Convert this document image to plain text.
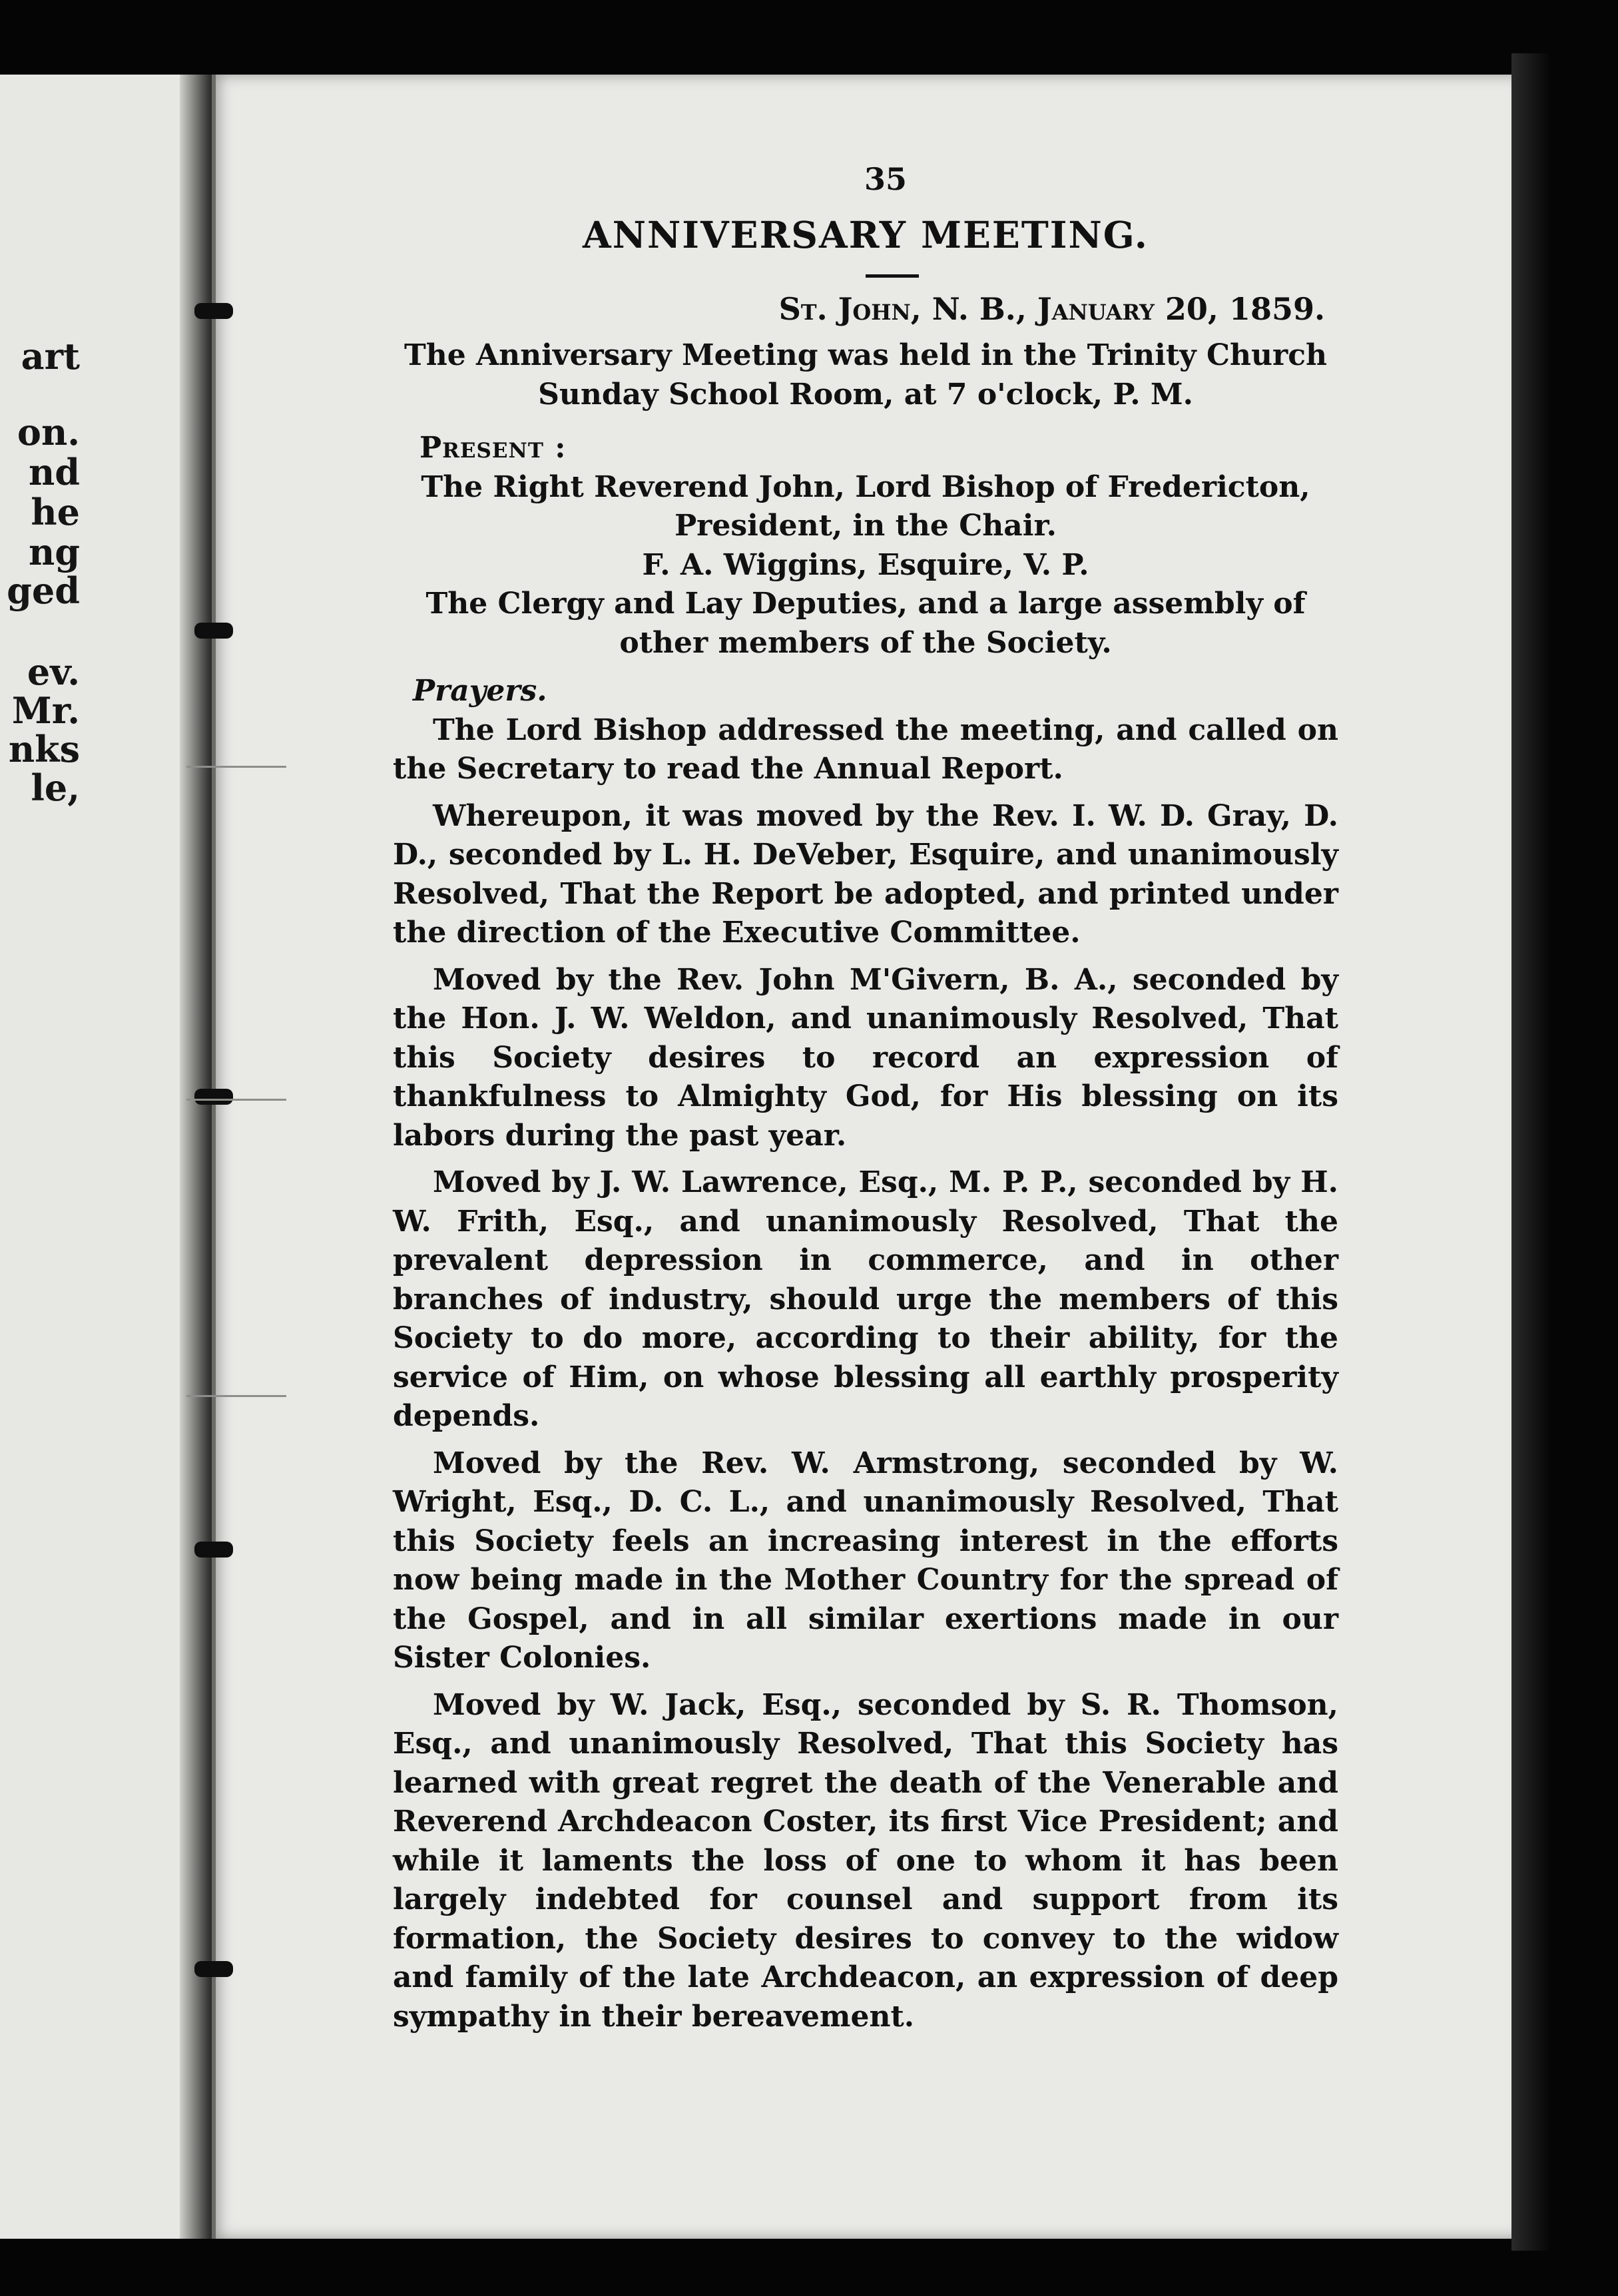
art
on.
nd
he
ng
ged
ev.
Mr.
nks
le,
35
ANNIVERSARY MEETING.
St. John, N. B., January 20, 1859.
The Anniversary Meeting was held in the Trinity Church Sunday School Room, at 7 o'clock, P. M.
Present :
The Right Reverend John, Lord Bishop of Fredericton, President, in the Chair.
F. A. Wiggins, Esquire, V. P.
The Clergy and Lay Deputies, and a large assembly of other members of the Society.
Prayers.

The Lord Bishop addressed the meeting, and called on the Secretary to read the Annual Report.

Whereupon, it was moved by the Rev. I. W. D. Gray, D. D., seconded by L. H. DeVeber, Esquire, and unanimously Resolved, That the Report be adopted, and printed under the direction of the Executive Committee.

Moved by the Rev. John M'Givern, B. A., seconded by the Hon. J. W. Weldon, and unanimously Resolved, That this Society desires to record an expression of thankfulness to Almighty God, for His blessing on its labors during the past year.

Moved by J. W. Lawrence, Esq., M. P. P., seconded by H. W. Frith, Esq., and unanimously Resolved, That the prevalent depression in commerce, and in other branches of industry, should urge the members of this Society to do more, according to their ability, for the service of Him, on whose blessing all earthly prosperity depends.

Moved by the Rev. W. Armstrong, seconded by W. Wright, Esq., D. C. L., and unanimously Resolved, That this Society feels an increasing interest in the efforts now being made in the Mother Country for the spread of the Gospel, and in all similar exertions made in our Sister Colonies.

Moved by W. Jack, Esq., seconded by S. R. Thomson, Esq., and unanimously Resolved, That this Society has learned with great regret the death of the Venerable and Reverend Archdeacon Coster, its first Vice President; and while it laments the loss of one to whom it has been largely indebted for counsel and support from its formation, the Society desires to convey to the widow and family of the late Archdeacon, an expression of deep sympathy in their bereavement.
